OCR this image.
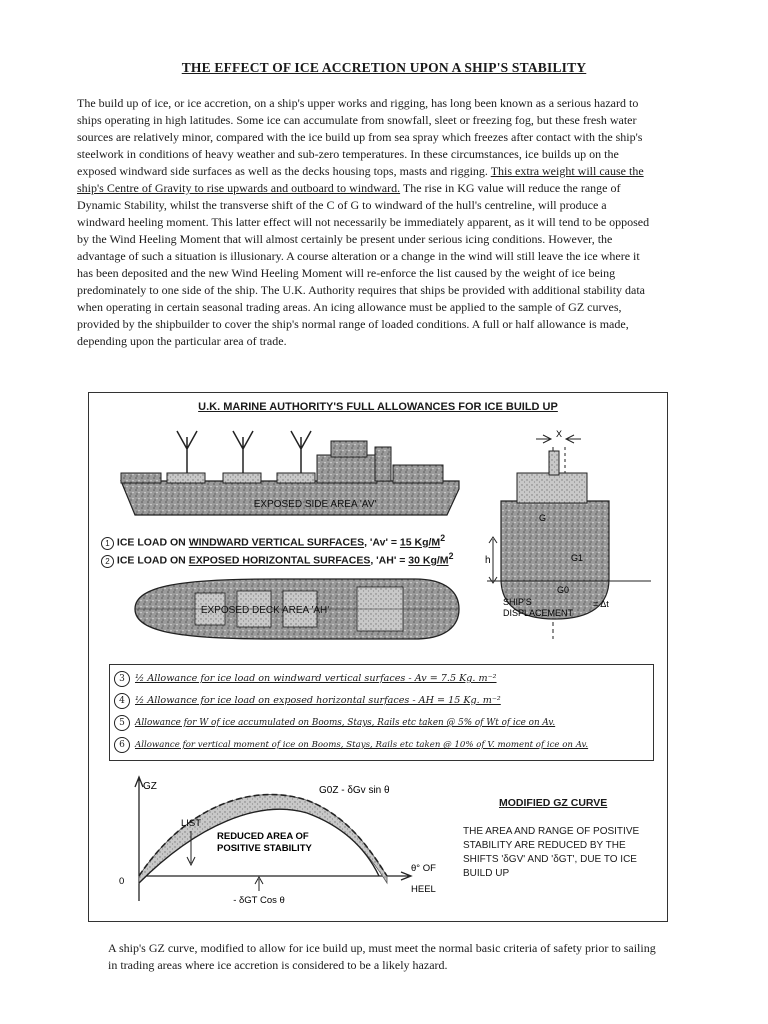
THE EFFECT OF ICE ACCRETION UPON A SHIP'S STABILITY
The build up of ice, or ice accretion, on a ship's upper works and rigging, has long been known as a serious hazard to ships operating in high latitudes. Some ice can accumulate from snowfall, sleet or freezing fog, but these fresh water sources are relatively minor, compared with the ice build up from sea spray which freezes after contact with the ship's steelwork in conditions of heavy weather and sub-zero temperatures. In these circumstances, ice builds up on the exposed windward side surfaces as well as the decks housing tops, masts and rigging. This extra weight will cause the ship's Centre of Gravity to rise upwards and outboard to windward. The rise in KG value will reduce the range of Dynamic Stability, whilst the transverse shift of the C of G to windward of the hull's centreline, will produce a windward heeling moment. This latter effect will not necessarily be immediately apparent, as it will tend to be opposed by the Wind Heeling Moment that will almost certainly be present under serious icing conditions. However, the advantage of such a situation is illusionary. A course alteration or a change in the wind will still leave the ice where it has been deposited and the new Wind Heeling Moment will re-enforce the list caused by the weight of ice being predominately to one side of the ship. The U.K. Authority requires that ships be provided with additional stability data when operating in certain seasonal trading areas. An icing allowance must be applied to the sample of GZ curves, provided by the shipbuilder to cover the ship's normal range of loaded conditions. A full or half allowance is made, depending upon the particular area of trade.
U.K. MARINE AUTHORITY'S FULL ALLOWANCES FOR ICE BUILD UP
EXPOSED SIDE AREA 'AV'
1 ICE LOAD ON WINDWARD VERTICAL SURFACES, 'Av' = 15 $Kg/M^2$
2 ICE LOAD ON EXPOSED HORIZONTAL SURFACES, 'AH' = 30 $Kg/M^2$
EXPOSED DECK AREA 'AH'
X
h
G
G1
G0
SHIP'S
DISPLACEMENT
= Δt
3 ½ Allowance for ice load on windward vertical surfaces - Av = 7.5 Kg. m⁻²
4 ½ Allowance for ice load on exposed horizontal surfaces - AH = 15 Kg. m⁻²
5 Allowance for W of ice accumulated on Booms, Stays, Rails etc taken @ 5% of Wt of ice on Av.
6 Allowance for vertical moment of ice on Booms, Stays, Rails etc taken @ 10% of V. moment of ice on Av.
GZ	G0Z - δGv sin θ
LIST
REDUCED AREA OF
POSITIVE STABILITY
0
θ° OF
HEEL
- δGT Cos θ
MODIFIED GZ CURVE
THE AREA AND RANGE OF POSITIVE STABILITY ARE REDUCED BY THE SHIFTS 'δGV' AND 'δGT', DUE TO ICE BUILD UP
A ship's GZ curve, modified to allow for ice build up, must meet the normal basic criteria of safety prior to sailing in trading areas where ice accretion is considered to be a likely hazard.
